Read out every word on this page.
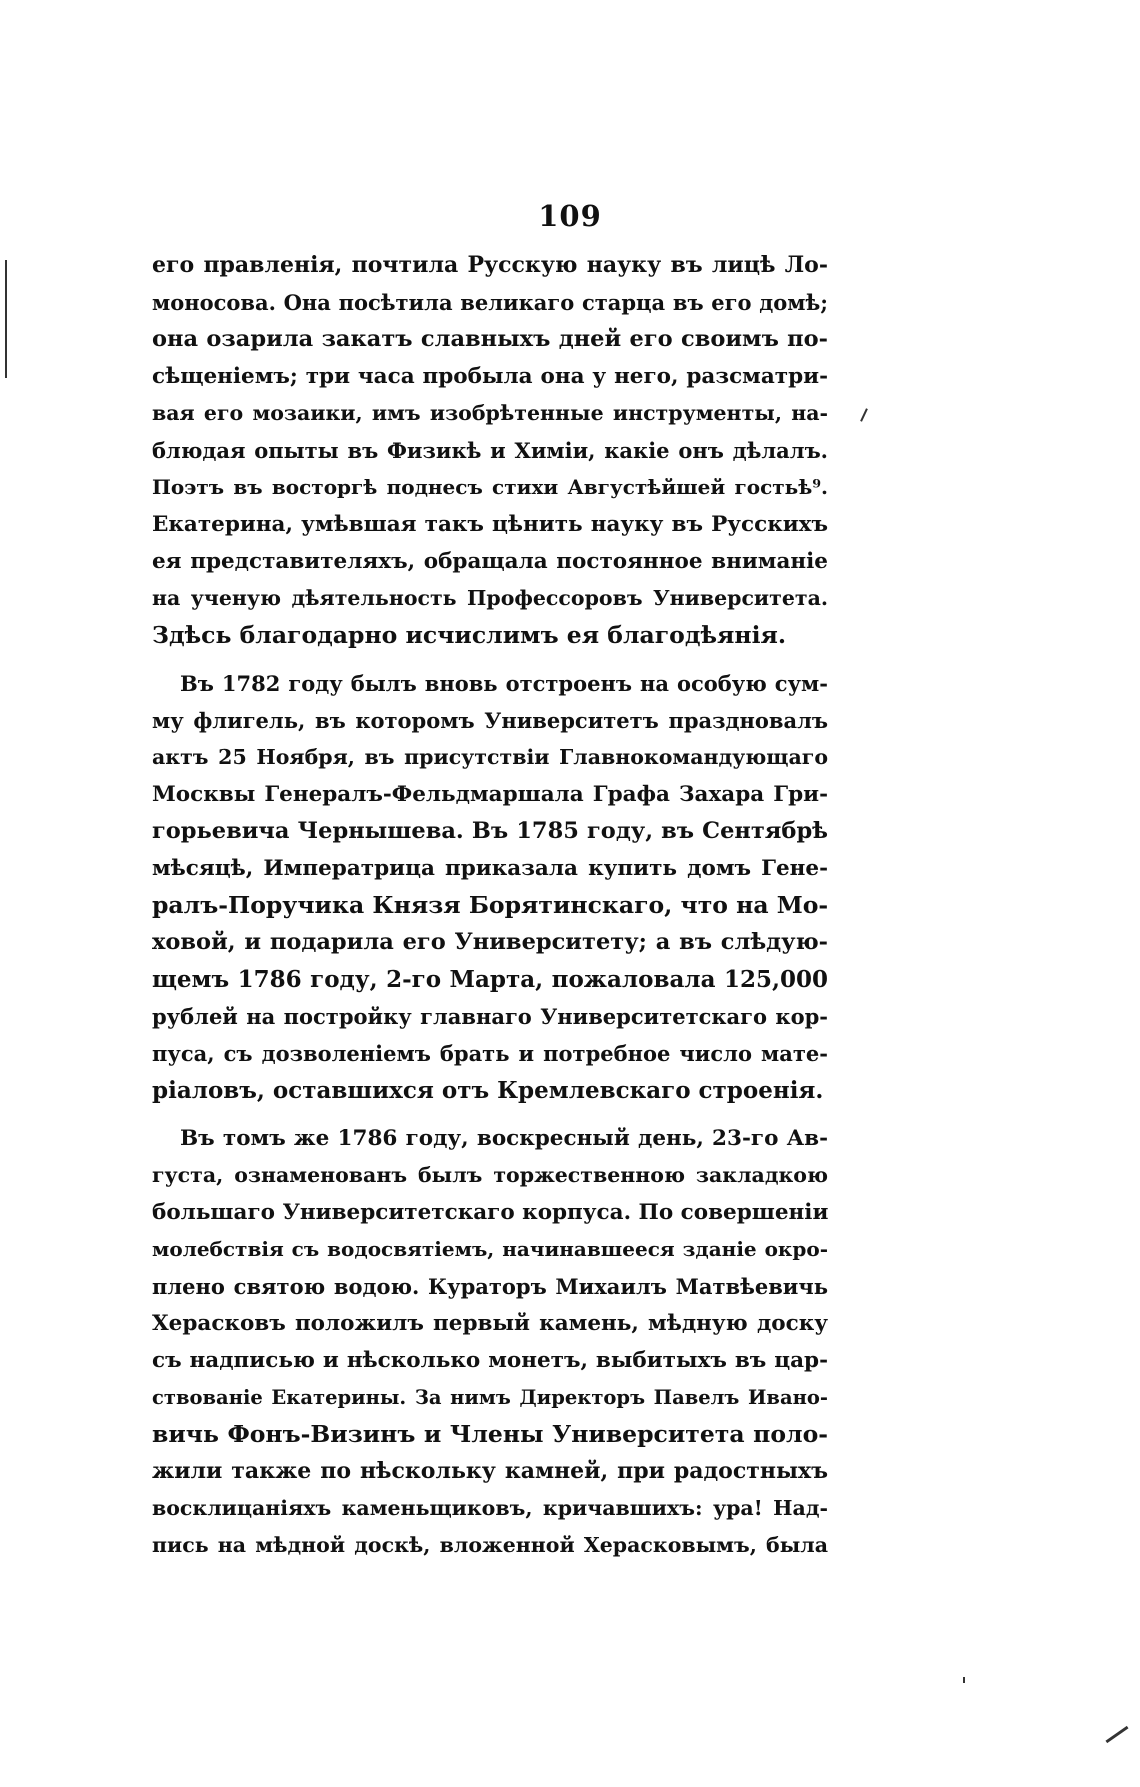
109
его правленія, почтила Русскую науку въ лицѣ Ло-
моносова. Она посѣтила великаго старца въ его домѣ;
она озарила закатъ славныхъ дней его своимъ по-
сѣщеніемъ; три часа пробыла она у него, разсматри-
вая его мозаики, имъ изобрѣтенные инструменты, на-
блюдая опыты въ Физикѣ и Химіи, какіе онъ дѣлалъ.
Поэтъ въ восторгѣ поднесъ стихи Августѣйшей гостьѣ⁹.
Екатерина, умѣвшая такъ цѣнить науку въ Русскихъ
ея представителяхъ, обращала постоянное вниманіе
на ученую дѣятельность Профессоровъ Университета.
Здѣсь благодарно исчислимъ ея благодѣянія.
Въ 1782 году былъ вновь отстроенъ на особую сум-
му флигель, въ которомъ Университетъ праздновалъ
актъ 25 Ноября, въ присутствіи Главнокомандующаго
Москвы Генералъ-Фельдмаршала Графа Захара Гри-
горьевича Чернышева. Въ 1785 году, въ Сентябрѣ
мѣсяцѣ, Императрица приказала купить домъ Гене-
ралъ-Поручика Князя Борятинскаго, что на Мо-
ховой, и подарила его Университету; а въ слѣдую-
щемъ 1786 году, 2-го Марта, пожаловала 125,000
рублей на постройку главнаго Университетскаго кор-
пуса, съ дозволеніемъ брать и потребное число мате-
ріаловъ, оставшихся отъ Кремлевскаго строенія.
Въ томъ же 1786 году, воскресный день, 23-го Ав-
густа, ознаменованъ былъ торжественною закладкою
большаго Университетскаго корпуса. По совершеніи
молебствія съ водосвятіемъ, начинавшееся зданіе окро-
плено святою водою. Кураторъ Михаилъ Матвѣевичь
Херасковъ положилъ первый камень, мѣдную доску
съ надписью и нѣсколько монетъ, выбитыхъ въ цар-
ствованіе Екатерины. За нимъ Директоръ Павелъ Ивано-
вичь Фонъ-Визинъ и Члены Университета поло-
жили также по нѣскольку камней, при радостныхъ
восклицаніяхъ каменьщиковъ, кричавшихъ: ура! Над-
пись на мѣдной доскѣ, вложенной Херасковымъ, была
